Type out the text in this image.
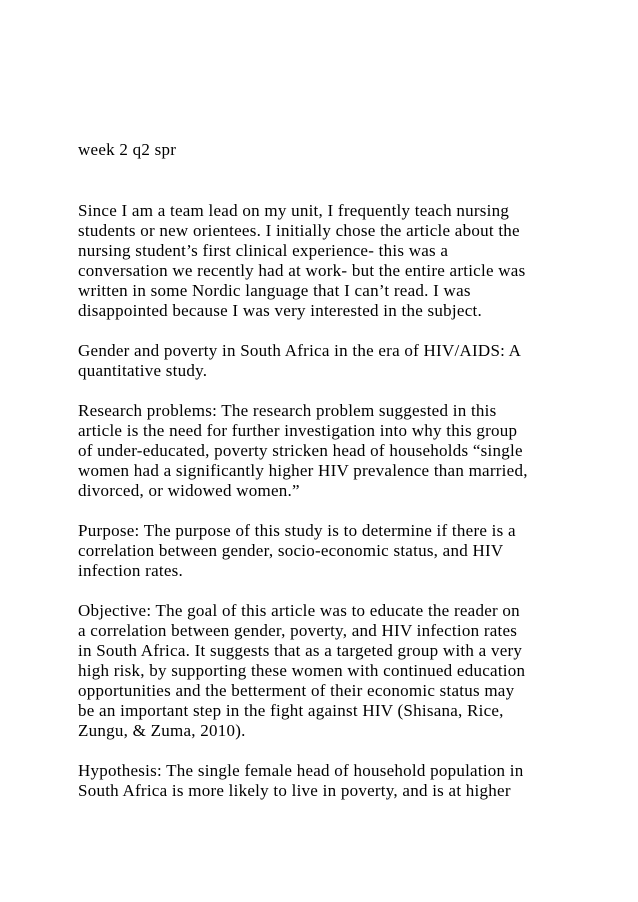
week 2 q2 spr

Since I am a team lead on my unit, I frequently teach nursing

students or new orientees. I initially chose the article about the

nursing student’s first clinical experience- this was a

conversation we recently had at work- but the entire article was

written in some Nordic language that I can’t read. I was

disappointed because I was very interested in the subject.

Gender and poverty in South Africa in the era of HIV/AIDS: A

quantitative study.

Research problems: The research problem suggested in this

article is the need for further investigation into why this group

of under-educated, poverty stricken head of households “single

women had a significantly higher HIV prevalence than married,

divorced, or widowed women.”

Purpose: The purpose of this study is to determine if there is a

correlation between gender, socio-economic status, and HIV

infection rates.

Objective: The goal of this article was to educate the reader on

a correlation between gender, poverty, and HIV infection rates

in South Africa. It suggests that as a targeted group with a very

high risk, by supporting these women with continued education

opportunities and the betterment of their economic status may

be an important step in the fight against HIV (Shisana, Rice,

Zungu, & Zuma, 2010).

Hypothesis: The single female head of household population in

South Africa is more likely to live in poverty, and is at higher
